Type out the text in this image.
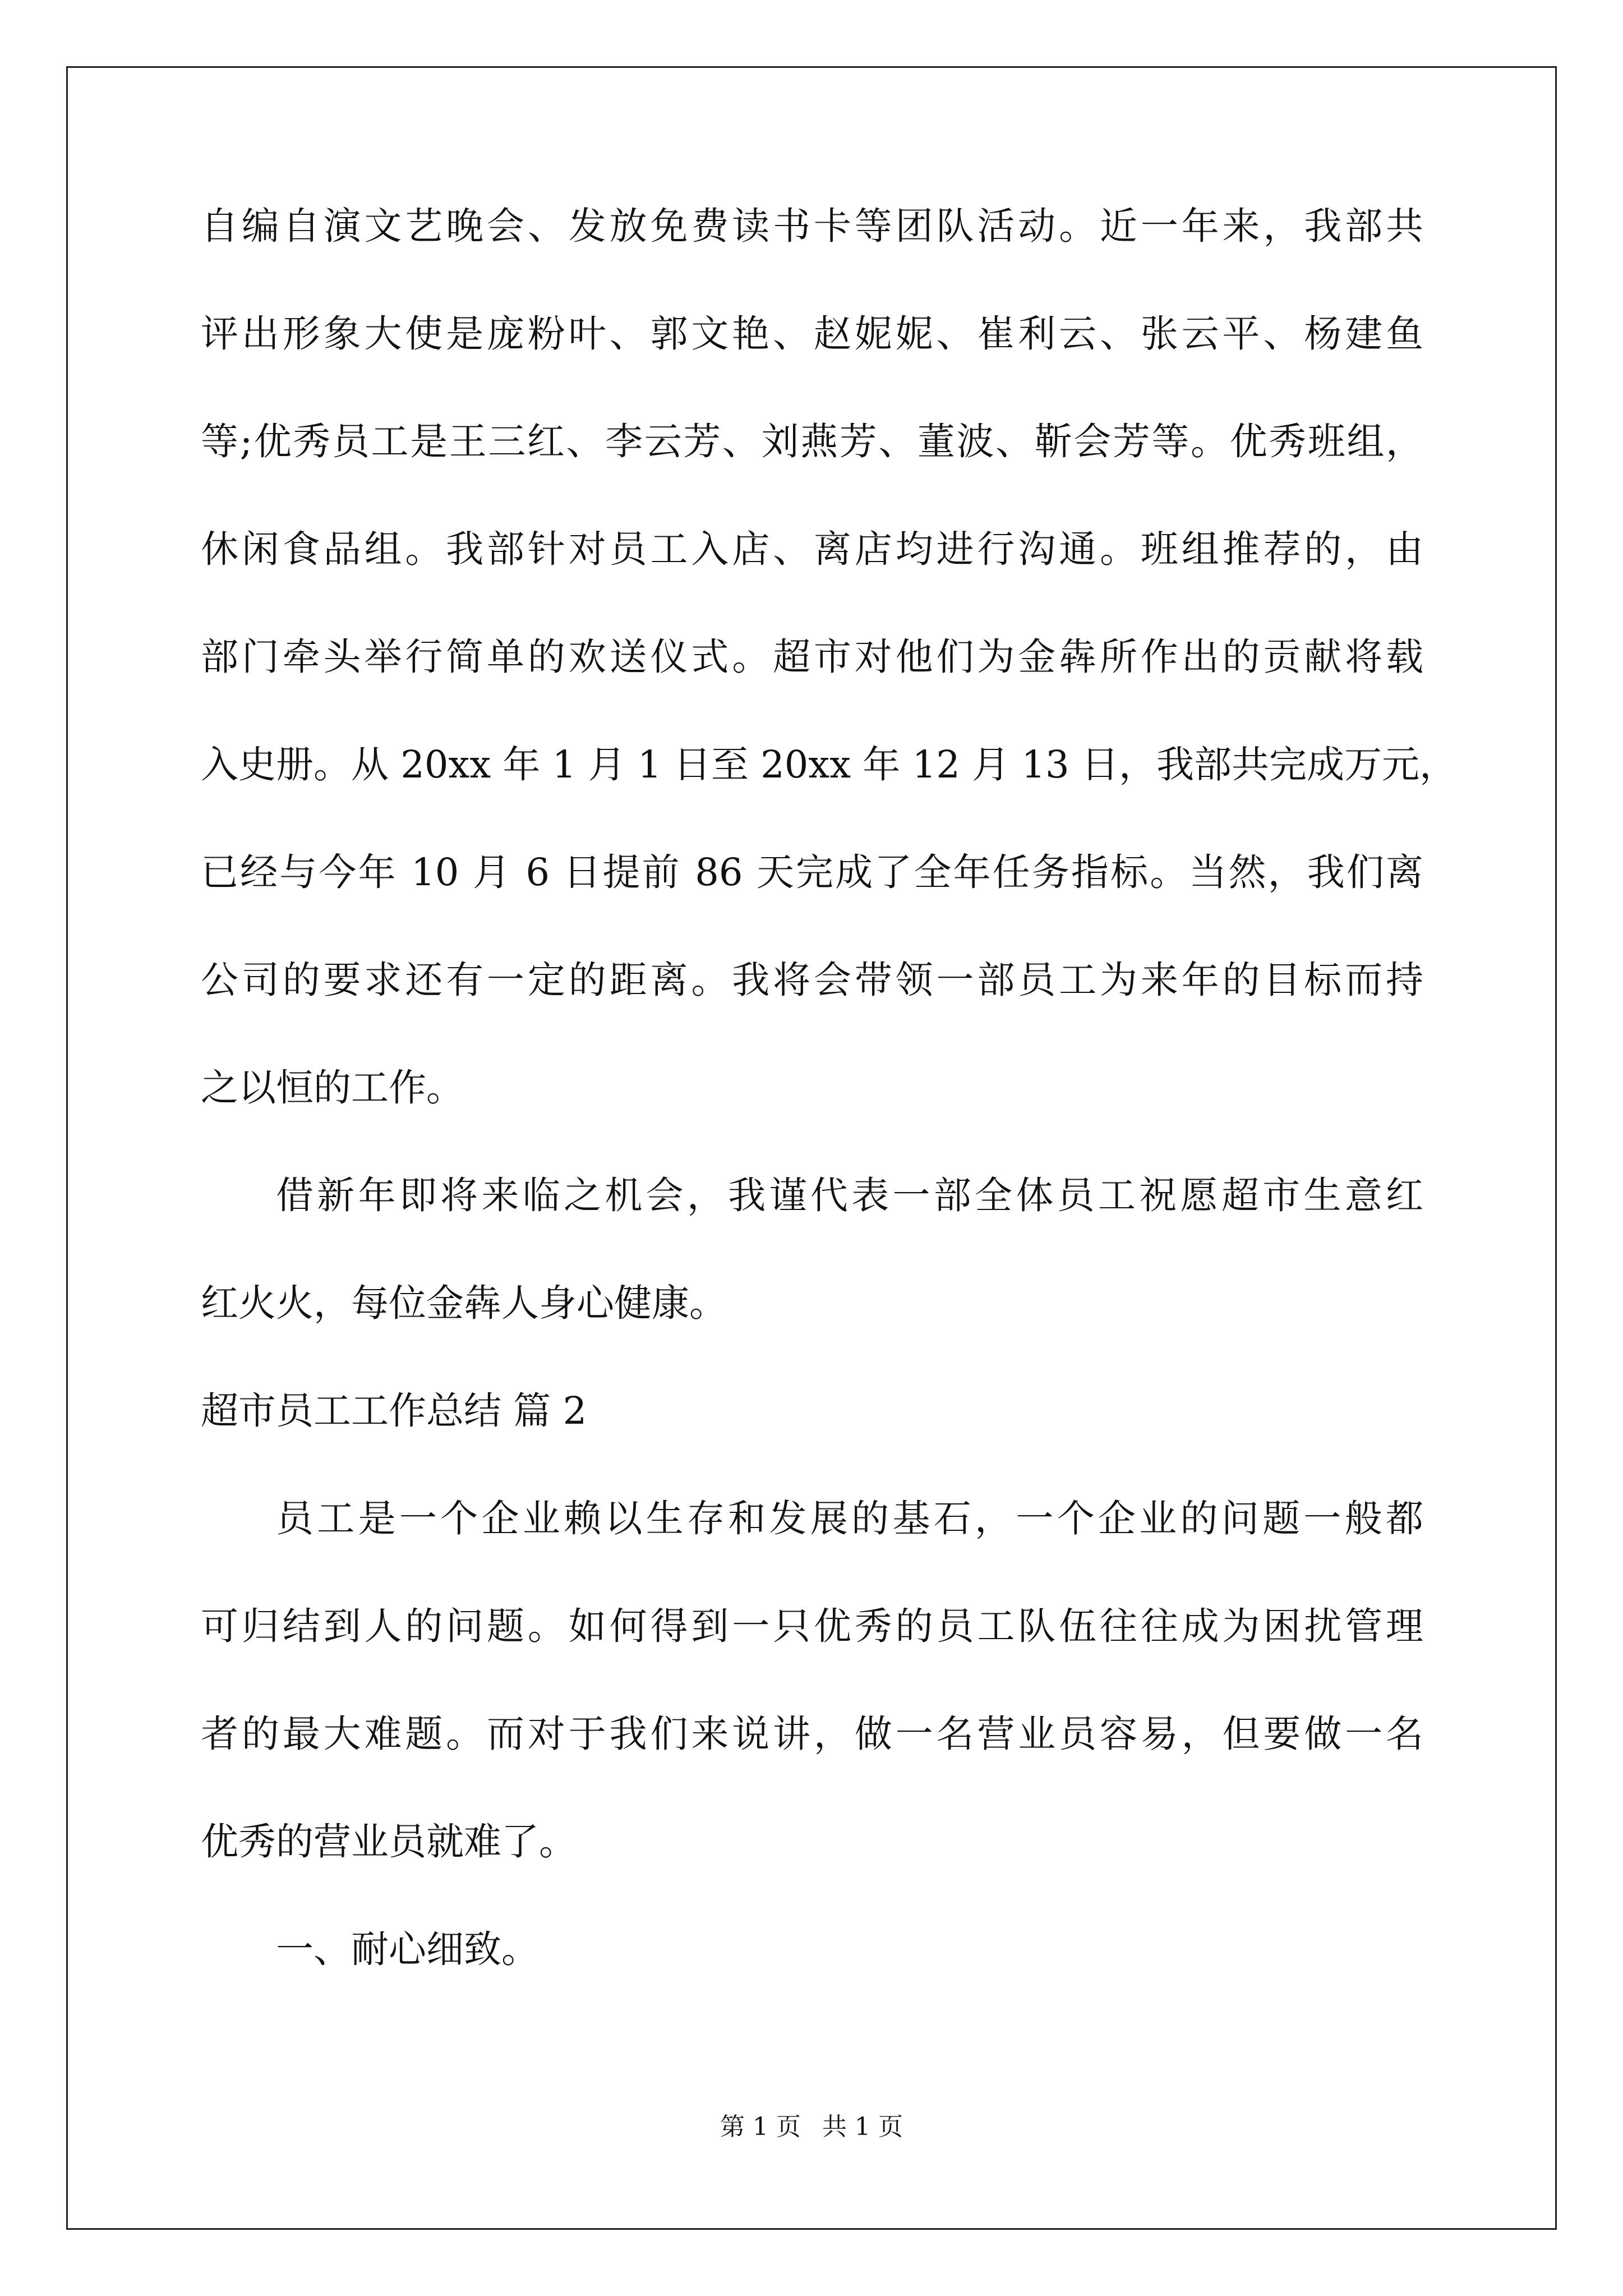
自编自演文艺晚会、发放免费读书卡等团队活动。近一年来，我部共
评出形象大使是庞粉叶、郭文艳、赵妮妮、崔利云、张云平、杨建鱼
等;优秀员工是王三红、李云芳、刘燕芳、董波、靳会芳等。优秀班组，
休闲食品组。我部针对员工入店、离店均进行沟通。班组推荐的，由
部门牵头举行简单的欢送仪式。超市对他们为金犇所作出的贡献将载
入史册。从 20xx 年 1 月 1 日至 20xx 年 12 月 13 日，我部共完成万元，
已经与今年 10 月 6 日提前 86 天完成了全年任务指标。当然，我们离
公司的要求还有一定的距离。我将会带领一部员工为来年的目标而持
之以恒的工作。
借新年即将来临之机会，我谨代表一部全体员工祝愿超市生意红
红火火，每位金犇人身心健康。
超市员工工作总结 篇 2
员工是一个企业赖以生存和发展的基石，一个企业的问题一般都
可归结到人的问题。如何得到一只优秀的员工队伍往往成为困扰管理
者的最大难题。而对于我们来说讲，做一名营业员容易，但要做一名
优秀的营业员就难了。
一、耐心细致。
第 1 页 共 1 页
